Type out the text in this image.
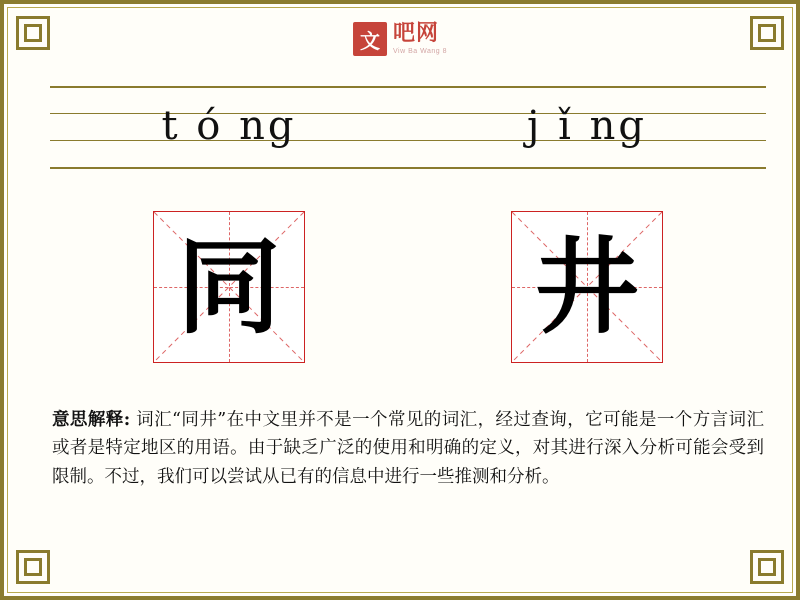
文 吧网
Viw Ba Wang 8
t ó ng	j ǐ ng
同 井
意思解释: 词汇“同井”在中文里并不是一个常见的词汇，经过查询，它可能是一个方言词汇或者是特定地区的用语。由于缺乏广泛的使用和明确的定义，对其进行深入分析可能会受到限制。不过，我们可以尝试从已有的信息中进行一些推测和分析。
